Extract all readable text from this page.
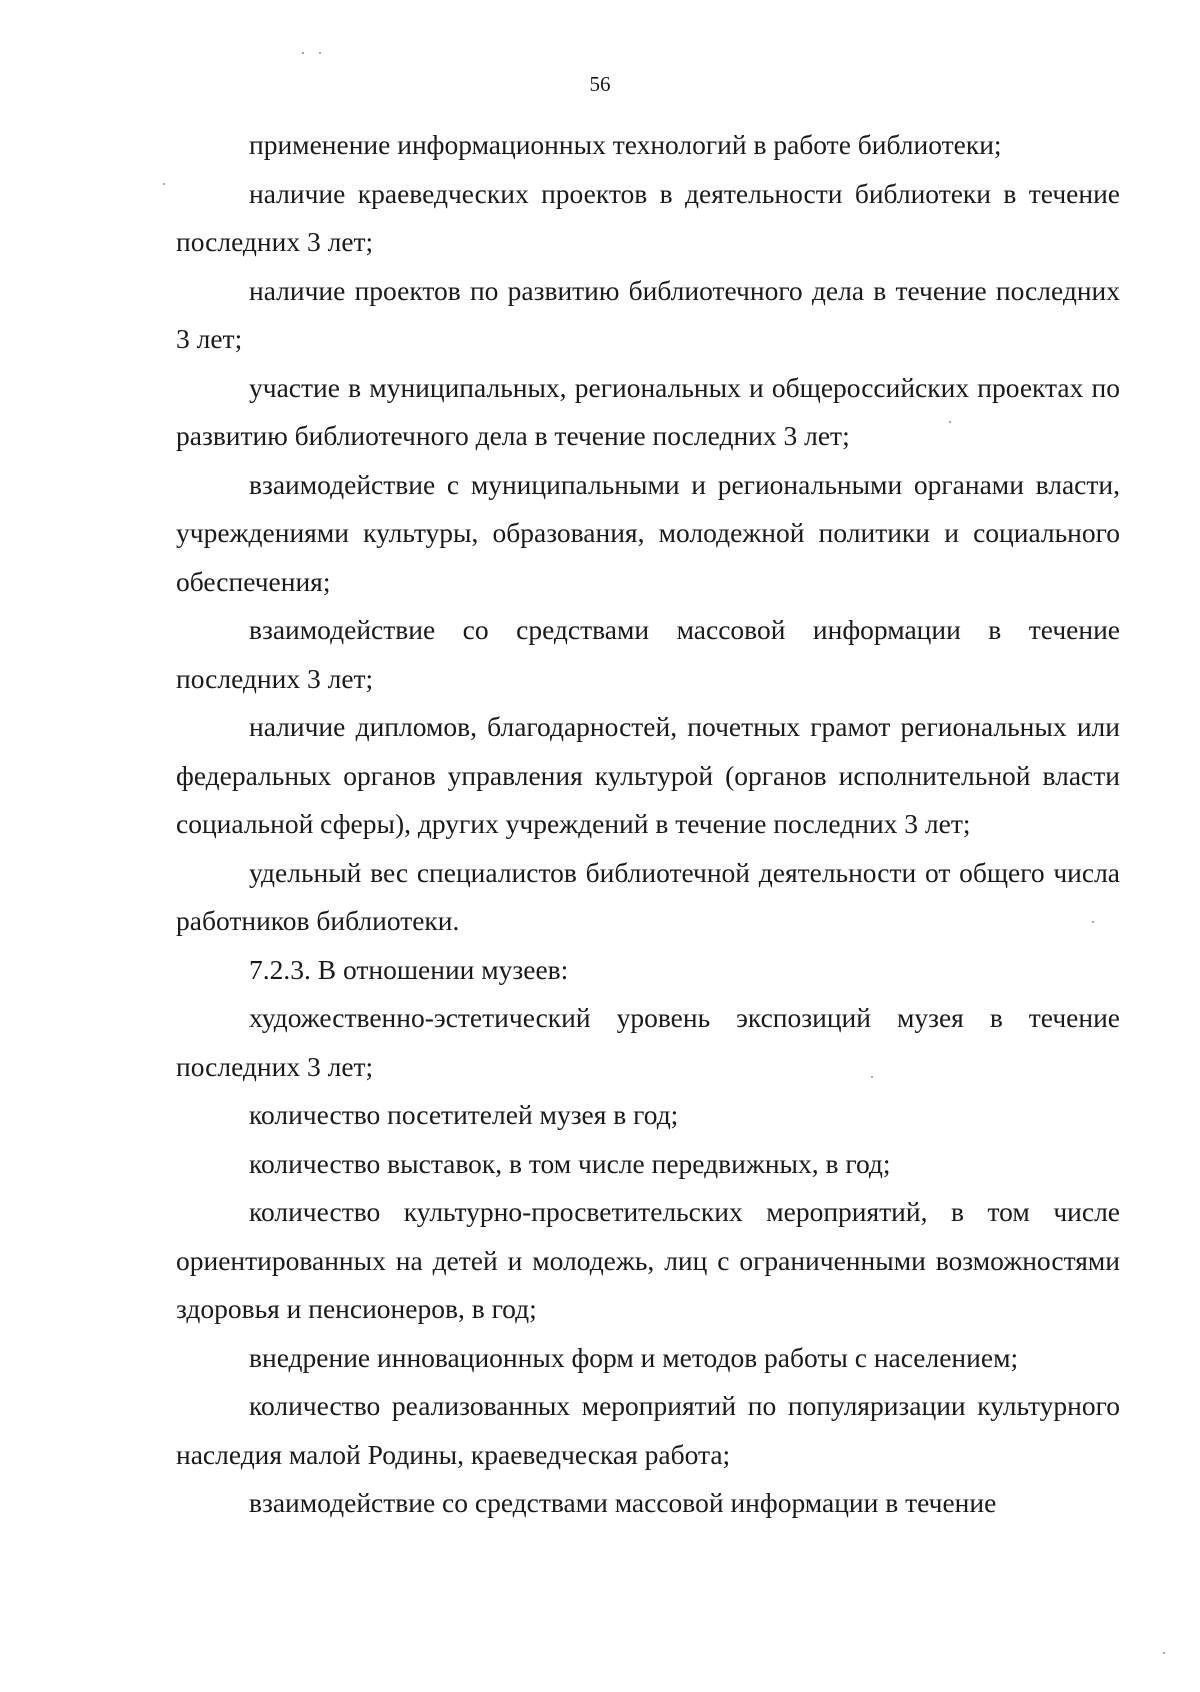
56

применение информационных технологий в работе библиотеки;

наличие краеведческих проектов в деятельности библиотеки в течение последних 3 лет;

наличие проектов по развитию библиотечного дела в течение последних 3 лет;

участие в муниципальных, региональных и общероссийских проектах по развитию библиотечного дела в течение последних 3 лет;

взаимодействие с муниципальными и региональными органами власти, учреждениями культуры, образования, молодежной политики и социального обеспечения;

взаимодействие со средствами массовой информации в течение последних 3 лет;

наличие дипломов, благодарностей, почетных грамот региональных или федеральных органов управления культурой (органов исполнительной власти социальной сферы), других учреждений в течение последних 3 лет;

удельный вес специалистов библиотечной деятельности от общего числа работников библиотеки.

7.2.3. В отношении музеев:

художественно-эстетический уровень экспозиций музея в течение последних 3 лет;

количество посетителей музея в год;

количество выставок, в том числе передвижных, в год;

количество культурно-просветительских мероприятий, в том числе ориентированных на детей и молодежь, лиц с ограниченными возможностями здоровья и пенсионеров, в год;

внедрение инновационных форм и методов работы с населением;

количество реализованных мероприятий по популяризации культурного наследия малой Родины, краеведческая работа;

взаимодействие со средствами массовой информации в течение
